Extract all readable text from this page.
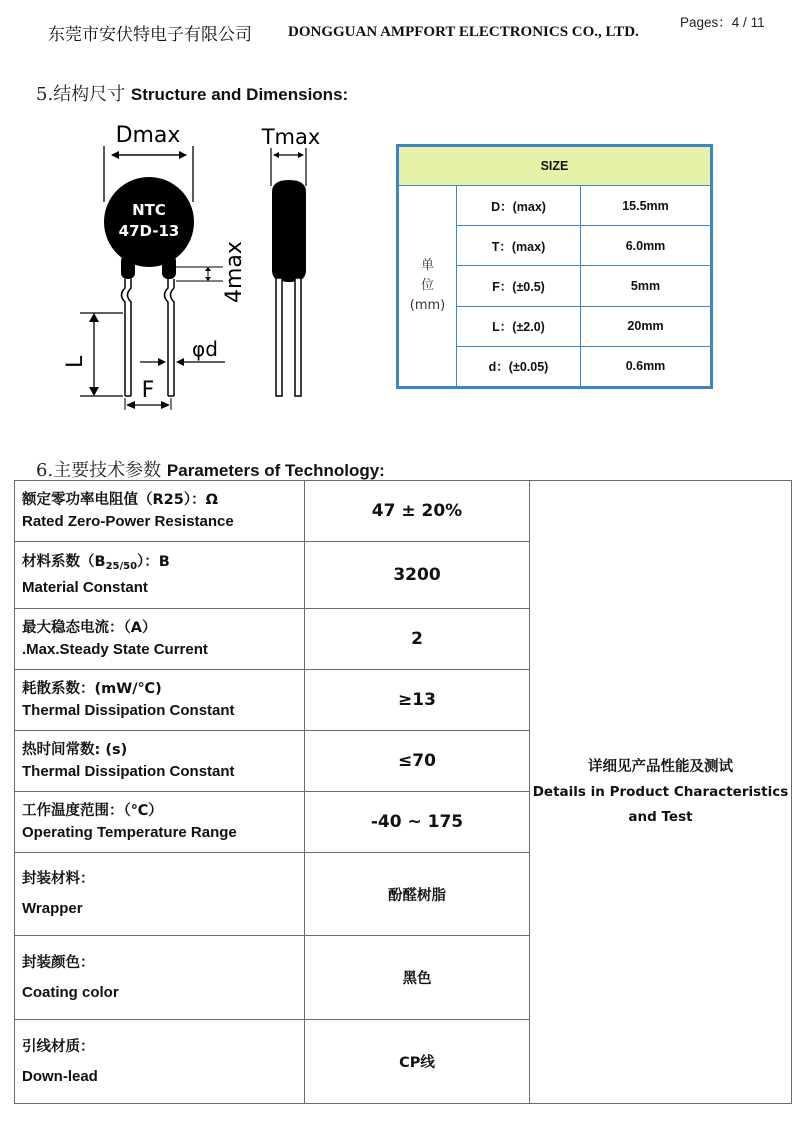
东莞市安伏特电子有限公司 DONGGUAN AMPFORT ELECTRONICS CO., LTD.
Pages：4 / 11
5.结构尺寸 Structure and Dimensions:
Dmax
NTC
47D-13
4max
L
F
φd
Tmax
SIZE		

单
位
(mm)	D：(max)	15.5mm
	T：(max)	6.0mm
	F：(±0.5)	5mm
	L：(±2.0)	20mm
	d：(±0.05)	0.6mm
6.主要技术参数 Parameters of Technology:
额定零功率电阻值（R25）：Ω
Rated Zero-Power Resistance
	47 ± 20%	
详细见产品性能及测试
Details in Product Characteristics
and Test

材料系数$(B_{25/50})$：B
Material Constant	3200	

最大稳态电流：（A）
.Max.Steady State Current	2	

耗散系数：(mW/℃)
Thermal Dissipation Constant	≥13	

热时间常数: (s)
Thermal Dissipation Constant	≤70	

工作温度范围：（℃）
Operating Temperature Range	-40 ~ 175	

封装材料：
Wrapper	酚醛树脂	

封装颜色：
Coating color	黑色	

引线材质：
Down-lead	CP线	
